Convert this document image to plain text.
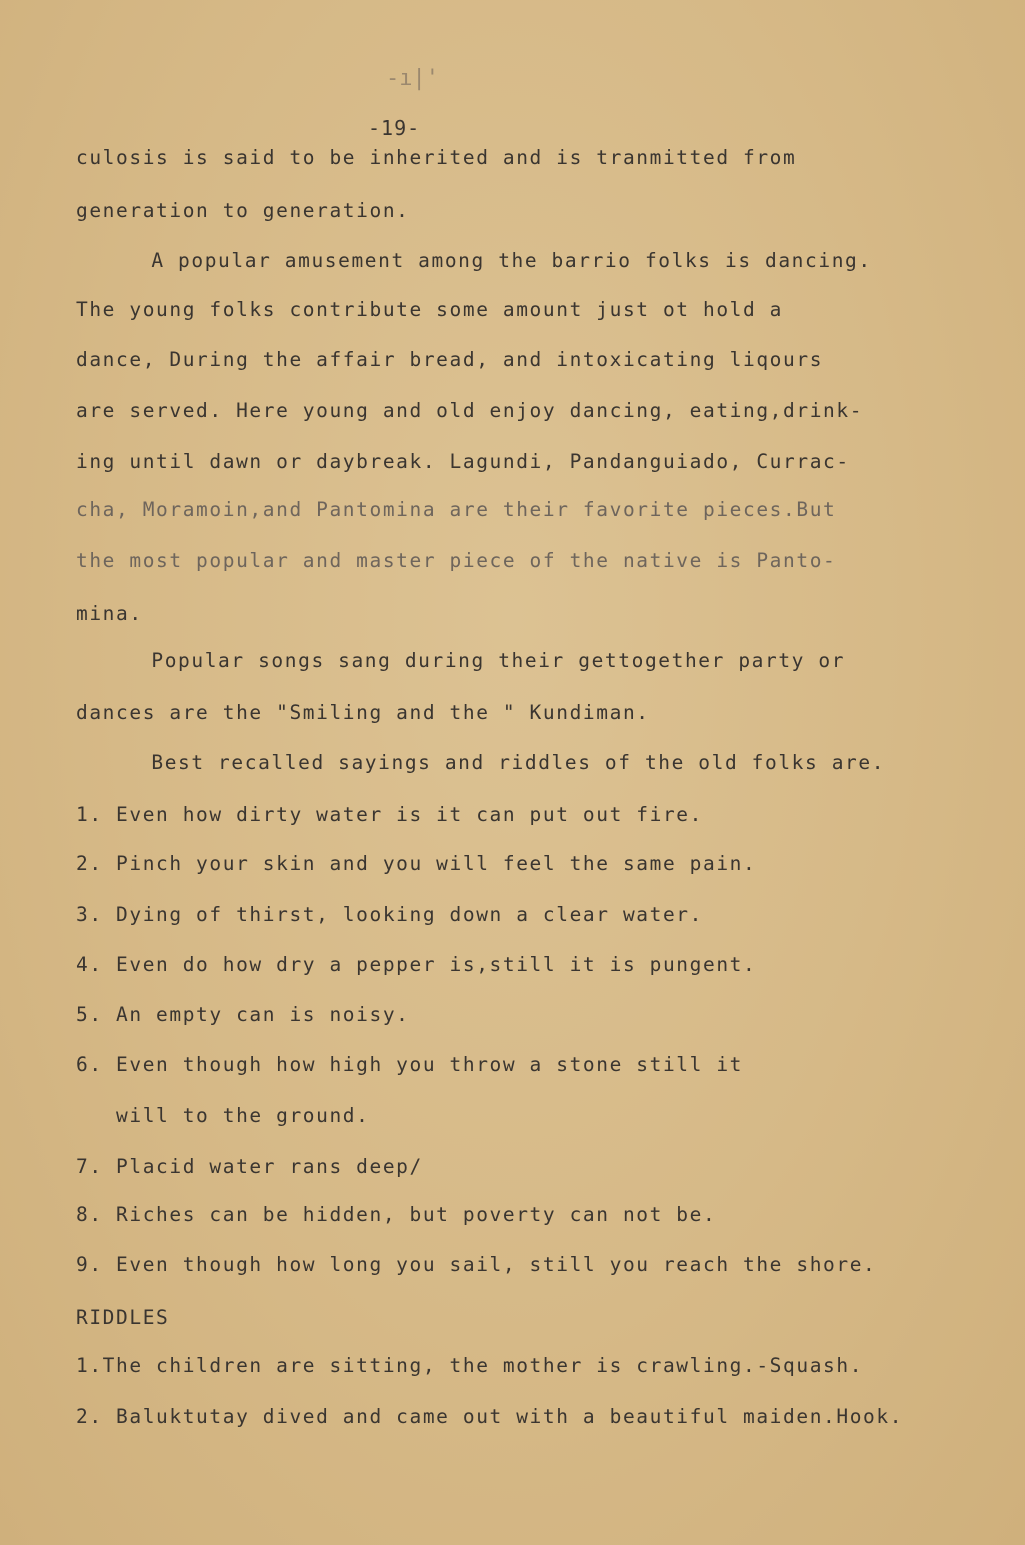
-ı|'
-19-
culosis is said to be inherited and is tranmitted from
generation to generation.
A popular amusement among the barrio folks is dancing.
The young folks contribute some amount just ot hold a
dance, During the affair bread, and intoxicating liqours
are served. Here young and old enjoy dancing, eating,drink-
ing until dawn or daybreak. Lagundi, Pandanguiado, Currac-
cha, Moramoin,and Pantomina are their favorite pieces.But
the most popular and master piece of the native is Panto-
mina.
Popular songs sang during their gettogether party or
dances are the "Smiling and the " Kundiman.
Best recalled sayings and riddles of the old folks are.
1. Even how dirty water is it can put out fire.
2. Pinch your skin and you will feel the same pain.
3. Dying of thirst, looking down a clear water.
4. Even do how dry a pepper is,still it is pungent.
5. An empty can is noisy.
6. Even though how high you throw a stone still it
will to the ground.
7. Placid water rans deep/
8. Riches can be hidden, but poverty can not be.
9. Even though how long you sail, still you reach the shore.
RIDDLES
1.The children are sitting, the mother is crawling.-Squash.
2. Baluktutay dived and came out with a beautiful maiden.Hook.
